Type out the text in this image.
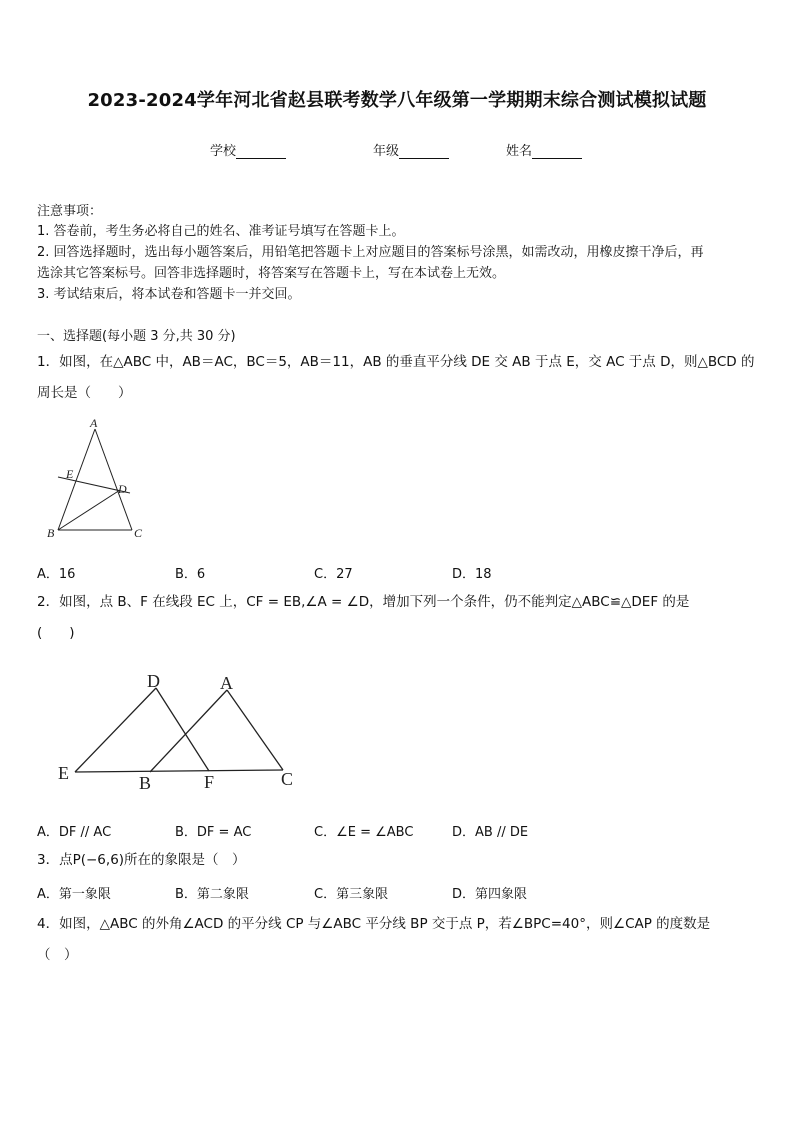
2023-2024学年河北省赵县联考数学八年级第一学期期末综合测试模拟试题
学校	年级	姓名
注意事项：
1. 答卷前，考生务必将自己的姓名、准考证号填写在答题卡上。
2. 回答选择题时，选出每小题答案后，用铅笔把答题卡上对应题目的答案标号涂黑，如需改动，用橡皮擦干净后，再
选涂其它答案标号。回答非选择题时，将答案写在答题卡上，写在本试卷上无效。
3. 考试结束后，将本试卷和答题卡一并交回。
一、选择题(每小题 3 分,共 30 分)
1．如图，在△ABC 中，AB＝AC，BC＝5，AB＝11，AB 的垂直平分线 DE 交 AB 于点 E，交 AC 于点 D，则△BCD 的
周长是（　　）
A
E
D
B	C
A．16	B．6	C．27	D．18
2．如图，点 B、F 在线段 EC 上，CF = EB,∠A = ∠D，增加下列一个条件，仍不能判定△ABC≌△DEF 的是
(　　)
D	A
E	B	F	C
A．DF // AC	B．DF = AC	C．∠E = ∠ABC	D．AB // DE
3．点P(−6,6)所在的象限是（　）
A．第一象限	B．第二象限	C．第三象限	D．第四象限
4．如图，△ABC 的外角∠ACD 的平分线 CP 与∠ABC 平分线 BP 交于点 P，若∠BPC=40°，则∠CAP 的度数是
（　）
